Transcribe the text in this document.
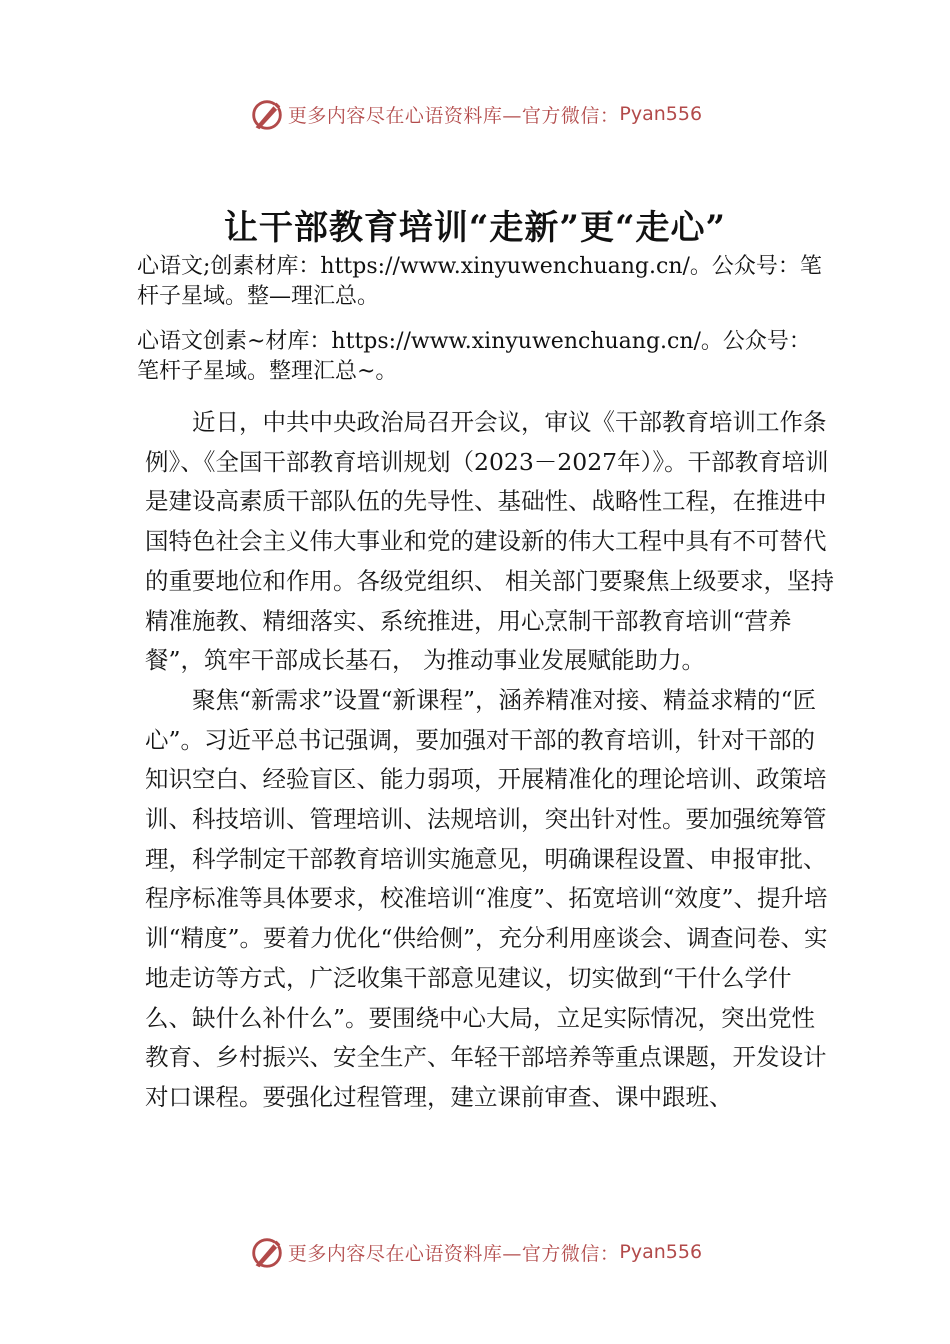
更多内容尽在心语资料库—官方微信： Pyan556
让干部教育培训“走新”更“走心”

心语文;创素材库：https://www.xinyuwenchuang.cn/。公众号：笔杆子星域。整—理汇总。

心语文创素~材库：https://www.xinyuwenchuang.cn/。公众号：笔杆子星域。整理汇总~。

近日，中共中央政治局召开会议，审议《干部教育培训工作条例》、《全国干部教育培训规划（2023－2027年）》。干部教育培训是建设高素质干部队伍的先导性、基础性、战略性工程，在推进中国特色社会主义伟大事业和党的建设新的伟大工程中具有不可替代的重要地位和作用。各级党组织、 相关部门要聚焦上级要求，坚持精准施教、精细落实、系统推进，用心烹制干部教育培训“营养餐”，筑牢干部成长基石， 为推动事业发展赋能助力。

聚焦“新需求”设置“新课程”，涵养精准对接、精益求精的“匠心”。习近平总书记强调，要加强对干部的教育培训，针对干部的知识空白、经验盲区、能力弱项，开展精准化的理论培训、政策培训、科技培训、管理培训、法规培训，突出针对性。要加强统筹管理，科学制定干部教育培训实施意见，明确课程设置、申报审批、程序标准等具体要求，校准培训“准度”、拓宽培训“效度”、提升培训“精度”。要着力优化“供给侧”，充分利用座谈会、调查问卷、实地走访等方式，广泛收集干部意见建议，切实做到“干什么学什么、缺什么补什么”。要围绕中心大局，立足实际情况，突出党性教育、乡村振兴、安全生产、年轻干部培养等重点课题，开发设计对口课程。要强化过程管理，建立课前审查、课中跟班、

更多内容尽在心语资料库—官方微信： Pyan556
